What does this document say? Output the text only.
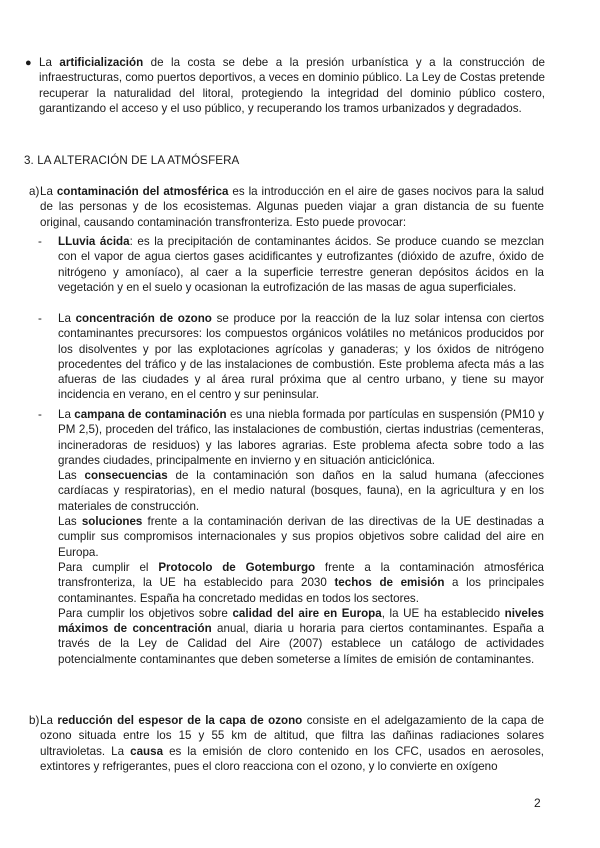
● La artificialización de la costa se debe a la presión urbanística y a la construcción de infraestructuras, como puertos deportivos, a veces en dominio público. La Ley de Costas pretende recuperar la naturalidad del litoral, protegiendo la integridad del dominio público costero, garantizando el acceso y el uso público, y recuperando los tramos urbanizados y degradados.

3. LA ALTERACIÓN DE LA ATMÓSFERA
a) La contaminación del atmosférica es la introducción en el aire de gases nocivos para la salud de las personas y de los ecosistemas. Algunas pueden viajar a gran distancia de su fuente original, causando contaminación transfronteriza. Esto puede provocar:

- LLuvia ácida: es la precipitación de contaminantes ácidos. Se produce cuando se mezclan con el vapor de agua ciertos gases acidificantes y eutrofizantes (dióxido de azufre, óxido de nitrógeno y amoníaco), al caer a la superficie terrestre generan depósitos ácidos en la vegetación y en el suelo y ocasionan la eutrofización de las masas de agua superficiales.

- La concentración de ozono se produce por la reacción de la luz solar intensa con ciertos contaminantes precursores: los compuestos orgánicos volátiles no metánicos producidos por los disolventes y por las explotaciones agrícolas y ganaderas; y los óxidos de nitrógeno procedentes del tráfico y de las instalaciones de combustión. Este problema afecta más a las afueras de las ciudades y al área rural próxima que al centro urbano, y tiene su mayor incidencia en verano, en el centro y sur peninsular.

- La campana de contaminación es una niebla formada por partículas en suspensión (PM10 y PM 2,5), proceden del tráfico, las instalaciones de combustión, ciertas industrias (cementeras, incineradoras de residuos) y las labores agrarias. Este problema afecta sobre todo a las grandes ciudades, principalmente en invierno y en situación anticiclónica.

Las consecuencias de la contaminación son daños en la salud humana (afecciones cardíacas y respiratorias), en el medio natural (bosques, fauna), en la agricultura y en los materiales de construcción.

Las soluciones frente a la contaminación derivan de las directivas de la UE destinadas a cumplir sus compromisos internacionales y sus propios objetivos sobre calidad del aire en Europa.

Para cumplir el Protocolo de Gotemburgo frente a la contaminación atmosférica transfronteriza, la UE ha establecido para 2030 techos de emisión a los principales contaminantes. España ha concretado medidas en todos los sectores.

Para cumplir los objetivos sobre calidad del aire en Europa, la UE ha establecido niveles máximos de concentración anual, diaria u horaria para ciertos contaminantes. España a través de la Ley de Calidad del Aire (2007) establece un catálogo de actividades potencialmente contaminantes que deben someterse a límites de emisión de contaminantes.

b) La reducción del espesor de la capa de ozono consiste en el adelgazamiento de la capa de ozono situada entre los 15 y 55 km de altitud, que filtra las dañinas radiaciones solares ultravioletas. La causa es la emisión de cloro contenido en los CFC, usados en aerosoles, extintores y refrigerantes, pues el cloro reacciona con el ozono, y lo convierte en oxígeno

2
